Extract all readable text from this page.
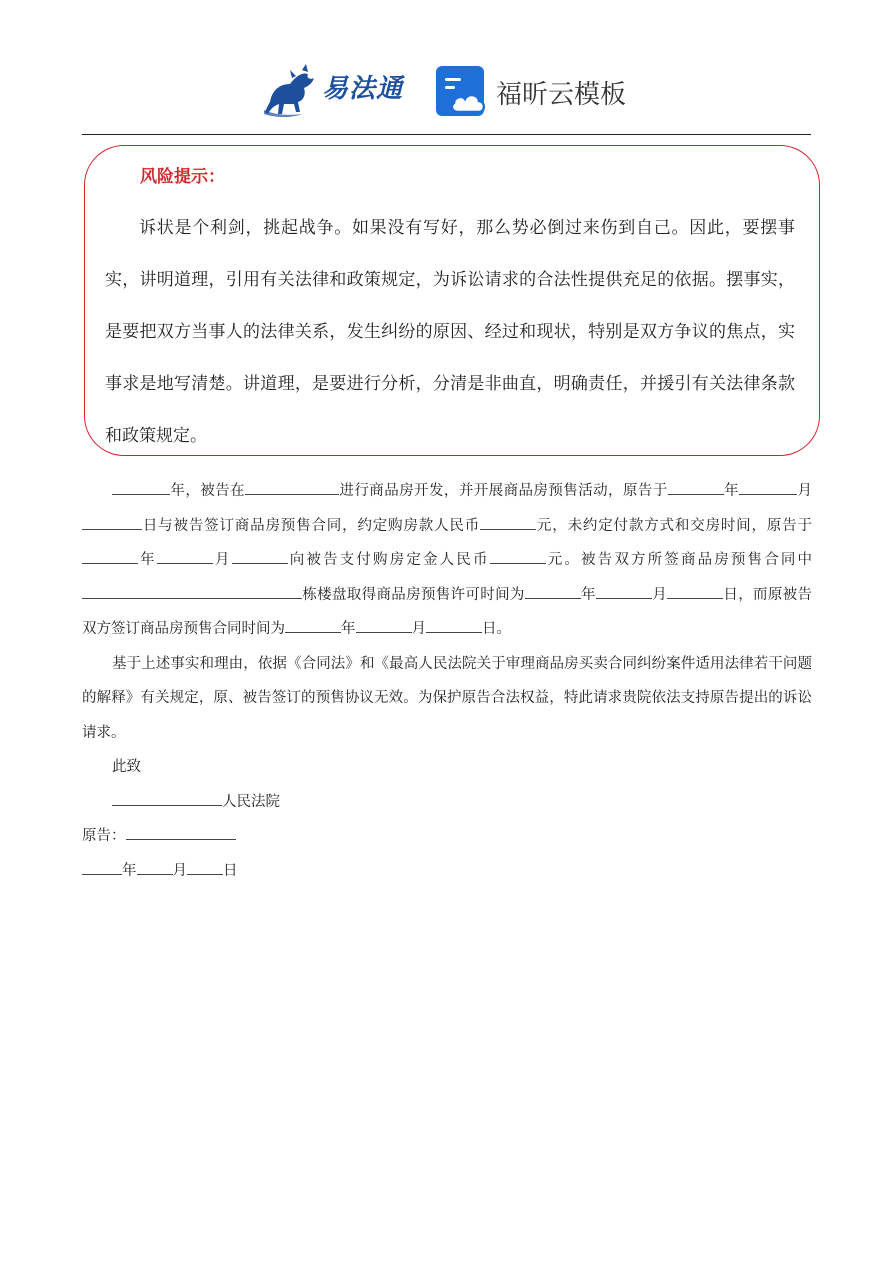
易法通	福昕云模板
风险提示：

诉状是个利剑，挑起战争。如果没有写好，那么势必倒过来伤到自己。因此，要摆事实，讲明道理，引用有关法律和政策规定，为诉讼请求的合法性提供充足的依据。摆事实，是要把双方当事人的法律关系，发生纠纷的原因、经过和现状，特别是双方争议的焦点，实事求是地写清楚。讲道理，是要进行分析，分清是非曲直，明确责任，并援引有关法律条款和政策规定。

年，被告在	进行商品房开发，并开展商品房预售活动，原告于	年	月日与被告签订商品房预售合同，约定购房款人民币	元，未约定付款方式和交房时间，原告于年	月	向被告支付购房定金人民币	元。被告双方所签商品房预售合同中栋楼盘取得商品房预售许可时间为	年	月	日，而原被告双方签订商品房预售合同时间为	年	月	日。

基于上述事实和理由，依据《合同法》和《最高人民法院关于审理商品房买卖合同纠纷案件适用法律若干问题的解释》有关规定，原、被告签订的预售协议无效。为保护原告合法权益，特此请求贵院依法支持原告提出的诉讼请求。

此致

人民法院

原告：

年 月 日
